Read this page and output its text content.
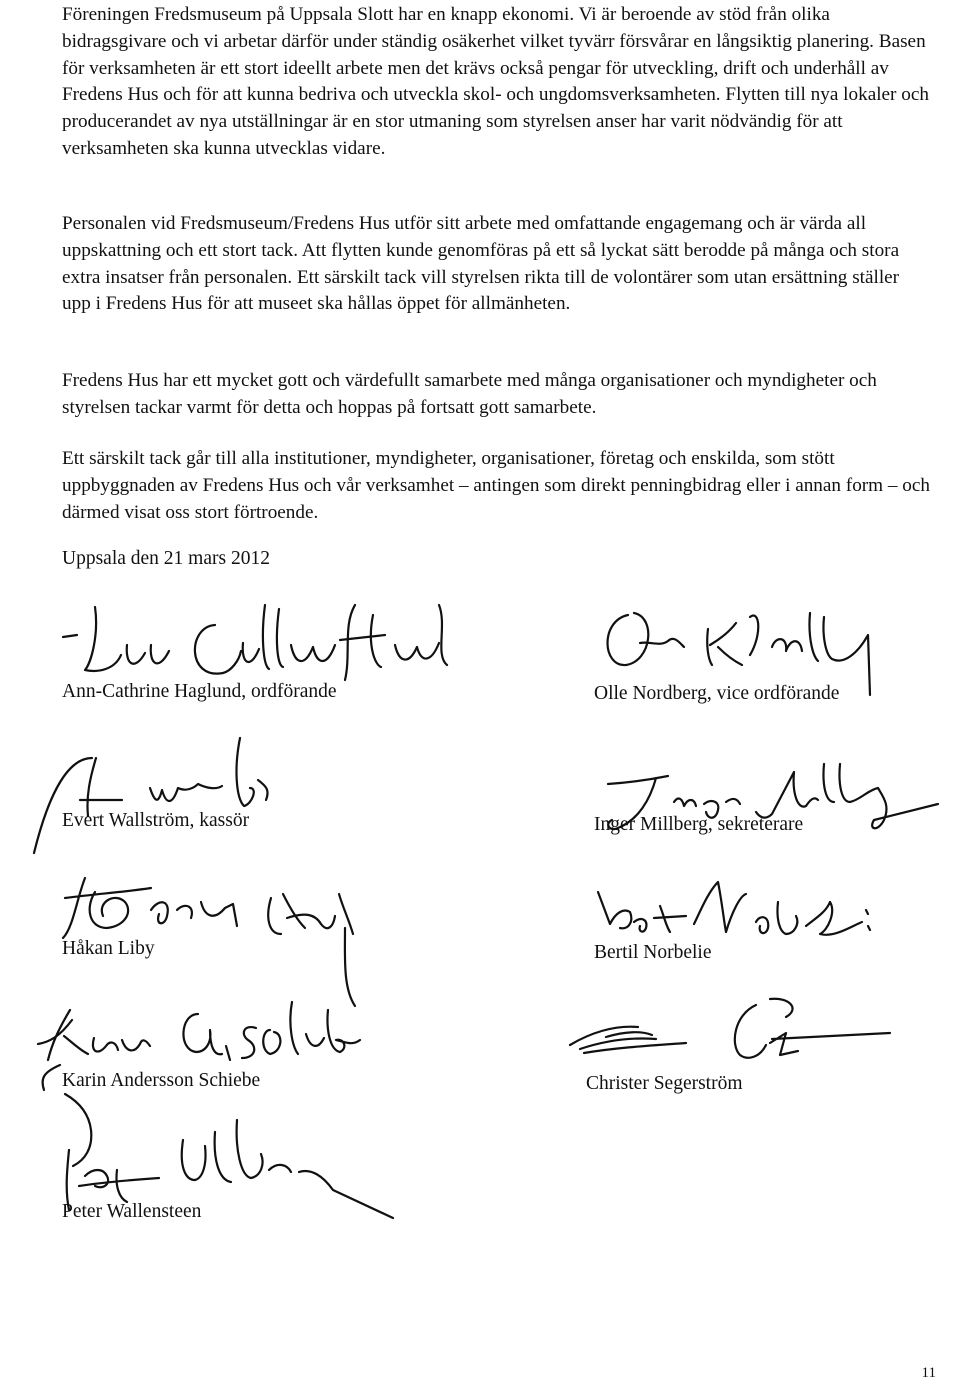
Föreningen Fredsmuseum på Uppsala Slott har en knapp ekonomi. Vi är beroende av stöd från olika bidragsgivare och vi arbetar därför under ständig osäkerhet vilket tyvärr försvårar en långsiktig planering. Basen för verksamheten är ett stort ideellt arbete men det krävs också pengar för utveckling, drift och underhåll av Fredens Hus och för att kunna bedriva och utveckla skol- och ungdomsverksamheten. Flytten till nya lokaler och producerandet av nya utställningar är en stor utmaning som styrelsen anser har varit nödvändig för att verksamheten ska kunna utvecklas vidare.

Personalen vid Fredsmuseum/Fredens Hus utför sitt arbete med omfattande engagemang och är värda all uppskattning och ett stort tack. Att flytten kunde genomföras på ett så lyckat sätt berodde på många och stora extra insatser från personalen. Ett särskilt tack vill styrelsen rikta till de volontärer som utan ersättning ställer upp i Fredens Hus för att museet ska hållas öppet för allmänheten.

Fredens Hus har ett mycket gott och värdefullt samarbete med många organisationer och myndigheter och styrelsen tackar varmt för detta och hoppas på fortsatt gott samarbete.

Ett särskilt tack går till alla institutioner, myndigheter, organisationer, företag och enskilda, som stött uppbyggnaden av Fredens Hus och vår verksamhet – antingen som direkt penningbidrag eller i annan form – och därmed visat oss stort förtroende.

Uppsala den 21 mars 2012

Ann-Cathrine Haglund, ordförande	Olle Nordberg, vice ordförande

Evert Wallström, kassör	Inger Millberg, sekreterare

Håkan Liby	Bertil Norbelie

Karin Andersson Schiebe	Christer Segerström

Peter Wallensteen

11
